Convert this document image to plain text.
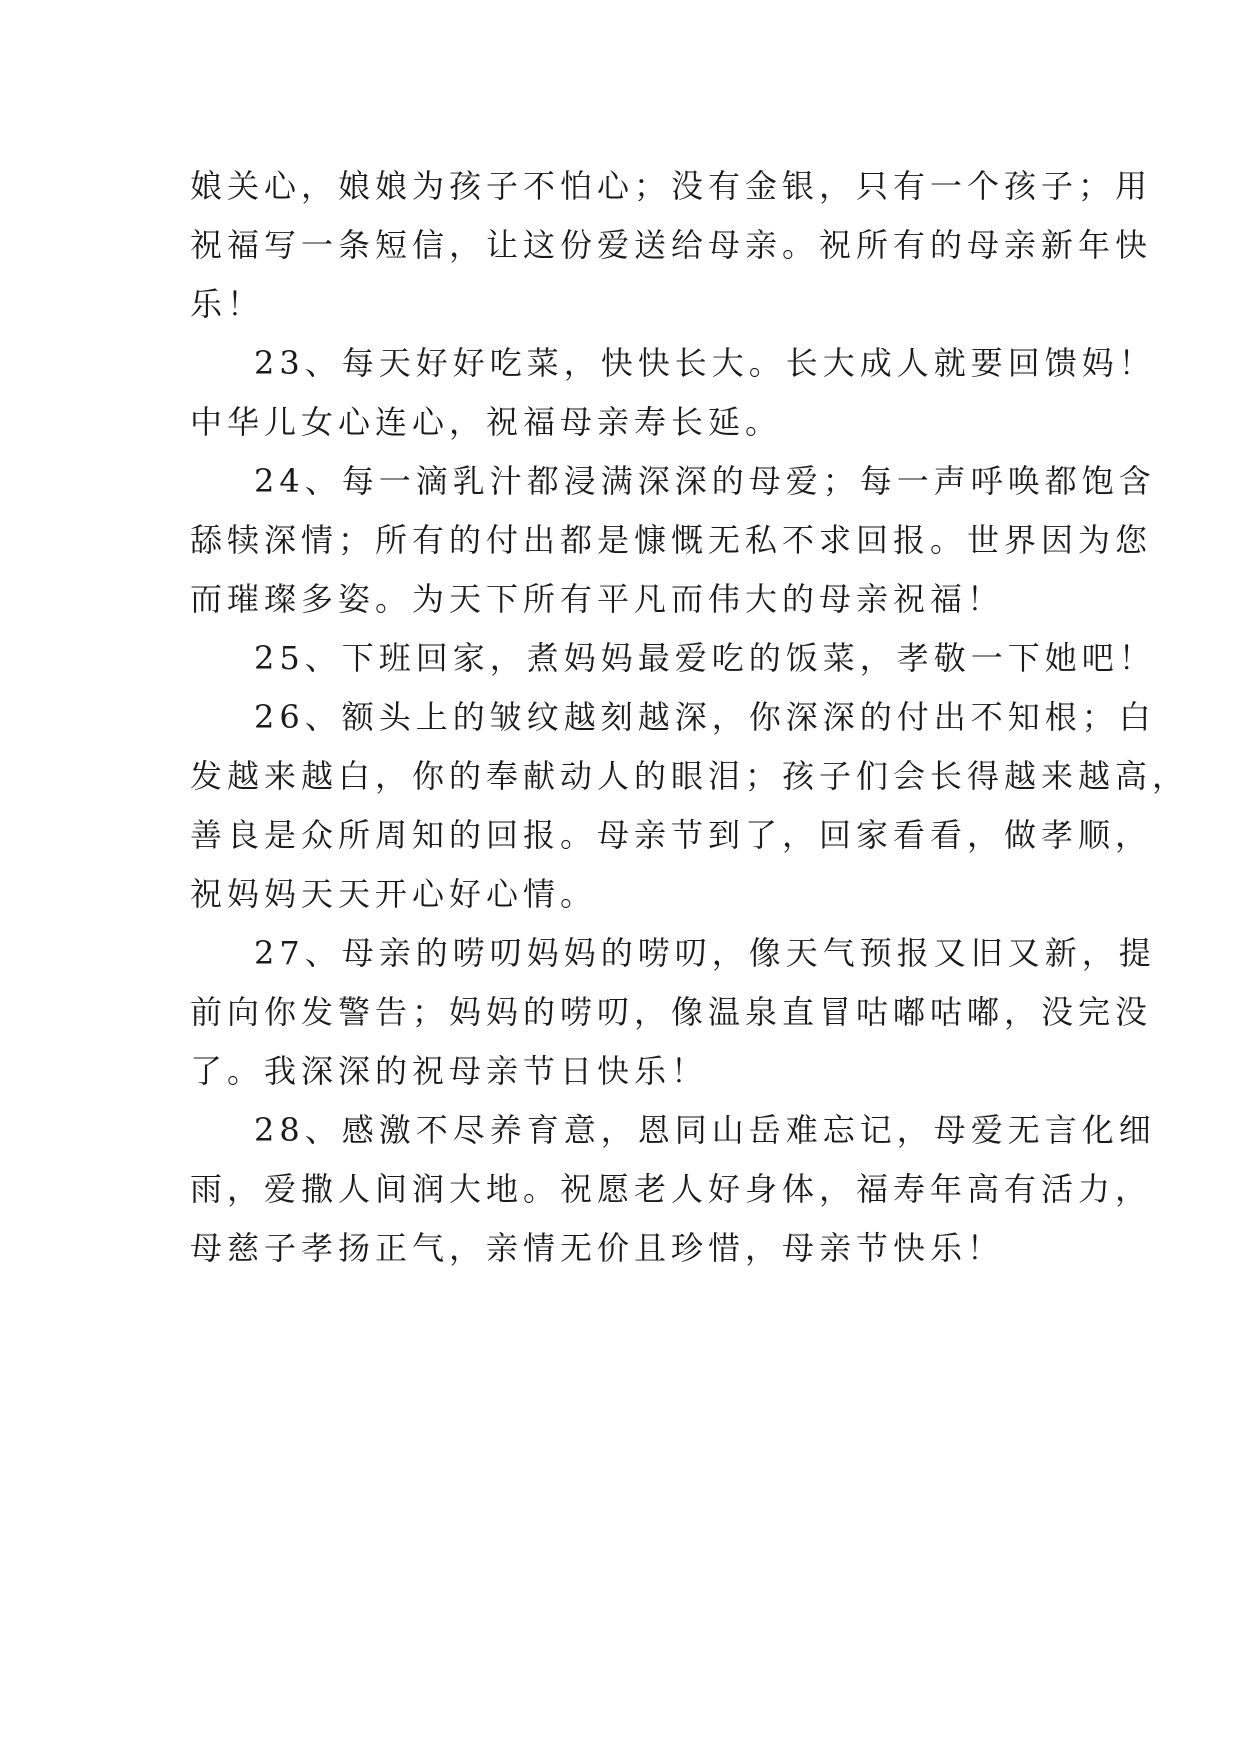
娘关心，娘娘为孩子不怕心；没有金银，只有一个孩子；用
祝福写一条短信，让这份爱送给母亲。祝所有的母亲新年快
乐！

23、每天好好吃菜，快快长大。长大成人就要回馈妈！
中华儿女心连心，祝福母亲寿长延。

24、每一滴乳汁都浸满深深的母爱；每一声呼唤都饱含
舔犊深情；所有的付出都是慷慨无私不求回报。世界因为您
而璀璨多姿。为天下所有平凡而伟大的母亲祝福！

25、下班回家，煮妈妈最爱吃的饭菜，孝敬一下她吧！

26、额头上的皱纹越刻越深，你深深的付出不知根；白
发越来越白，你的奉献动人的眼泪；孩子们会长得越来越高，
善良是众所周知的回报。母亲节到了，回家看看，做孝顺，
祝妈妈天天开心好心情。

27、母亲的唠叨妈妈的唠叨，像天气预报又旧又新，提
前向你发警告；妈妈的唠叨，像温泉直冒咕嘟咕嘟，没完没
了。我深深的祝母亲节日快乐！

28、感激不尽养育意，恩同山岳难忘记，母爱无言化细
雨，爱撒人间润大地。祝愿老人好身体，福寿年高有活力，
母慈子孝扬正气，亲情无价且珍惜，母亲节快乐！
